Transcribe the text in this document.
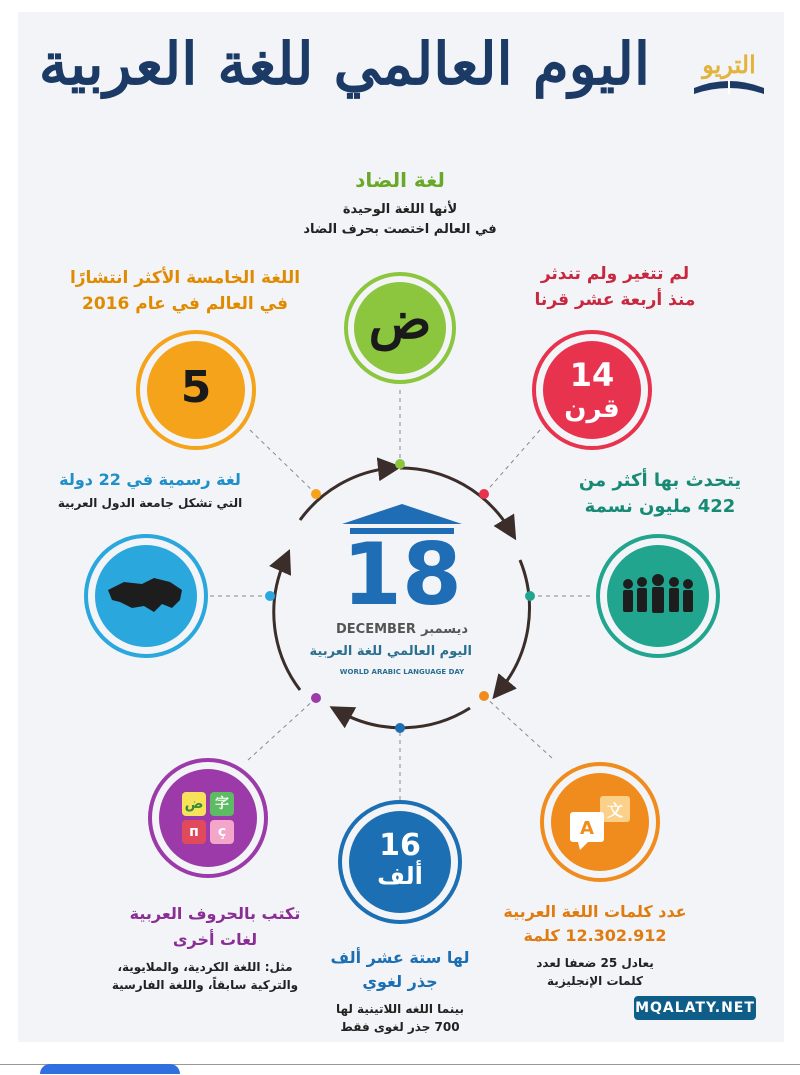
اليوم العالمي للغة العربية	التريو
18
DECEMBER ديسمبر
اليوم العالمي للغة العربية
WORLD ARABIC LANGUAGE DAY
لغة الضاد
لأنها اللغة الوحيدة
في العالم اختصت بحرف الضاد
ض
لم تتغير ولم تندثر
منذ أربعة عشر قرنا
14
قرن
يتحدث بها أكثر من
422 مليون نسمة
文
A
عدد كلمات اللغة العربية
12.302.912 كلمة
يعادل 25 ضعفا لعدد
كلمات الإنجليزية
16
ألف
لها ستة عشر ألف
جذر لغوي
بينما اللغه اللاتينية لها
700 جذر لغوى فقط
ض 字
п	ç
تكتب بالحروف العربية
لغات أخرى
مثل: اللغة الكردية، والملايوية،
والتركية سابقاً، واللغة الفارسية
لغة رسمية في 22 دولة
التي تشكل جامعة الدول العربية
اللغة الخامسة الأكثر انتشارًا
في العالم في عام 2016
5
MQALATY.NET
